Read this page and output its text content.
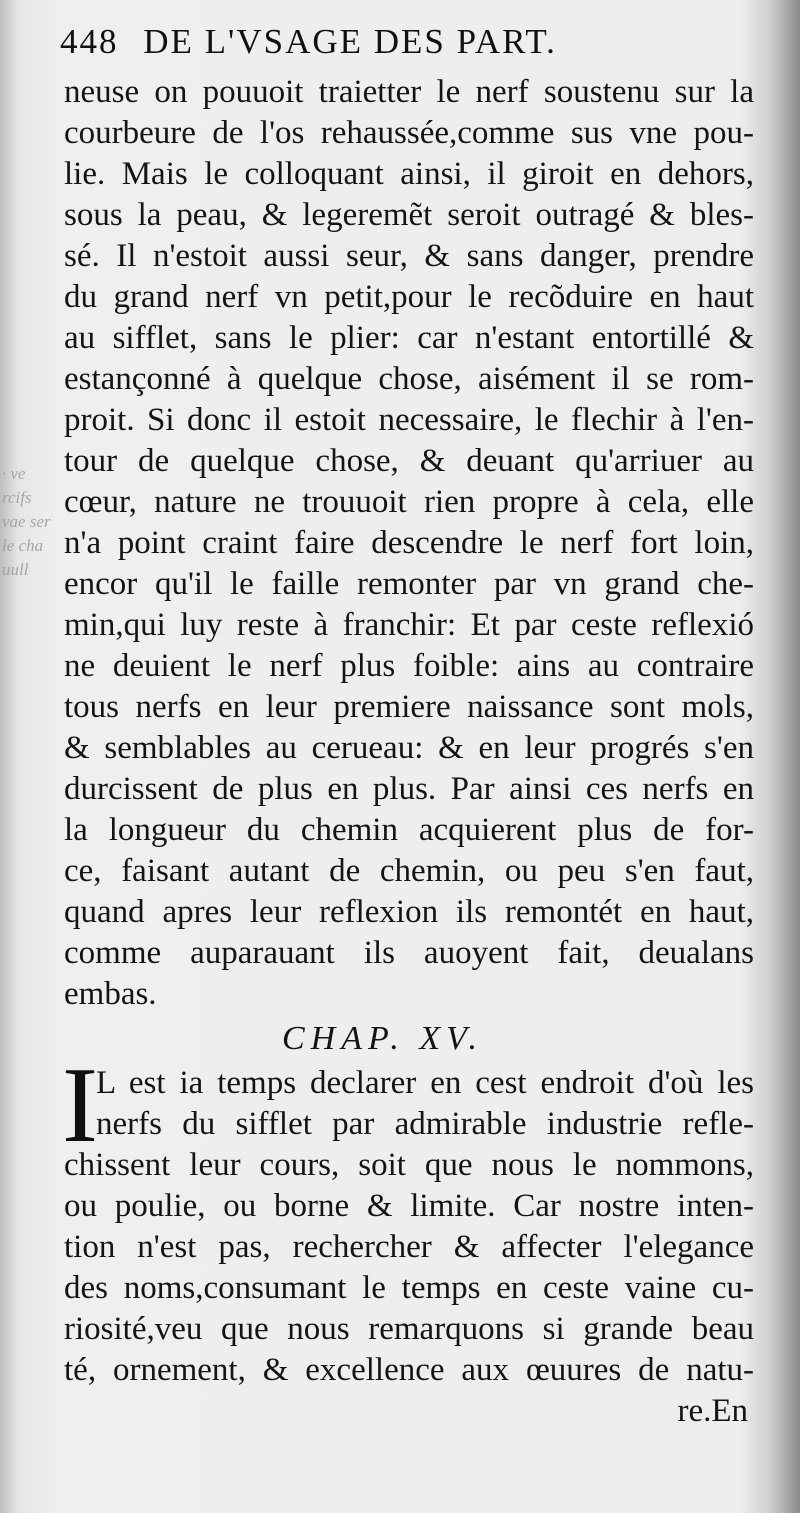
· ve
rcifs
vae ser
le cha
uull
448 DE L'VSAGE DES PART.
neuse on pouuoit traietter le nerf soustenu sur la
courbeure de l'os rehaussée,comme sus vne pou-
lie. Mais le colloquant ainsi, il giroit en dehors,
sous la peau, & legeremẽt seroit outragé & bles-
sé. Il n'estoit aussi seur, & sans danger, prendre
du grand nerf vn petit,pour le recõduire en haut
au sifflet, sans le plier: car n'estant entortillé &
estançonné à quelque chose, aisément il se rom-
proit. Si donc il estoit necessaire, le flechir à l'en-
tour de quelque chose, & deuant qu'arriuer au
cœur, nature ne trouuoit rien propre à cela, elle
n'a point craint faire descendre le nerf fort loin,
encor qu'il le faille remonter par vn grand che-
min,qui luy reste à franchir: Et par ceste reflexió
ne deuient le nerf plus foible: ains au contraire
tous nerfs en leur premiere naissance sont mols,
& semblables au cerueau: & en leur progrés s'en
durcissent de plus en plus. Par ainsi ces nerfs en
la longueur du chemin acquierent plus de for-
ce, faisant autant de chemin, ou peu s'en faut,
quand apres leur reflexion ils remontét en haut,
comme auparauant ils auoyent fait, deualans
embas.
CHAP. XV.
I
L est ia temps declarer en cest endroit d'où les
nerfs du sifflet par admirable industrie refle-
chissent leur cours, soit que nous le nommons,
ou poulie, ou borne & limite. Car nostre inten-
tion n'est pas, rechercher & affecter l'elegance
des noms,consumant le temps en ceste vaine cu-
riosité,veu que nous remarquons si grande beau
té, ornement, & excellence aux œuures de natu-
re.En
